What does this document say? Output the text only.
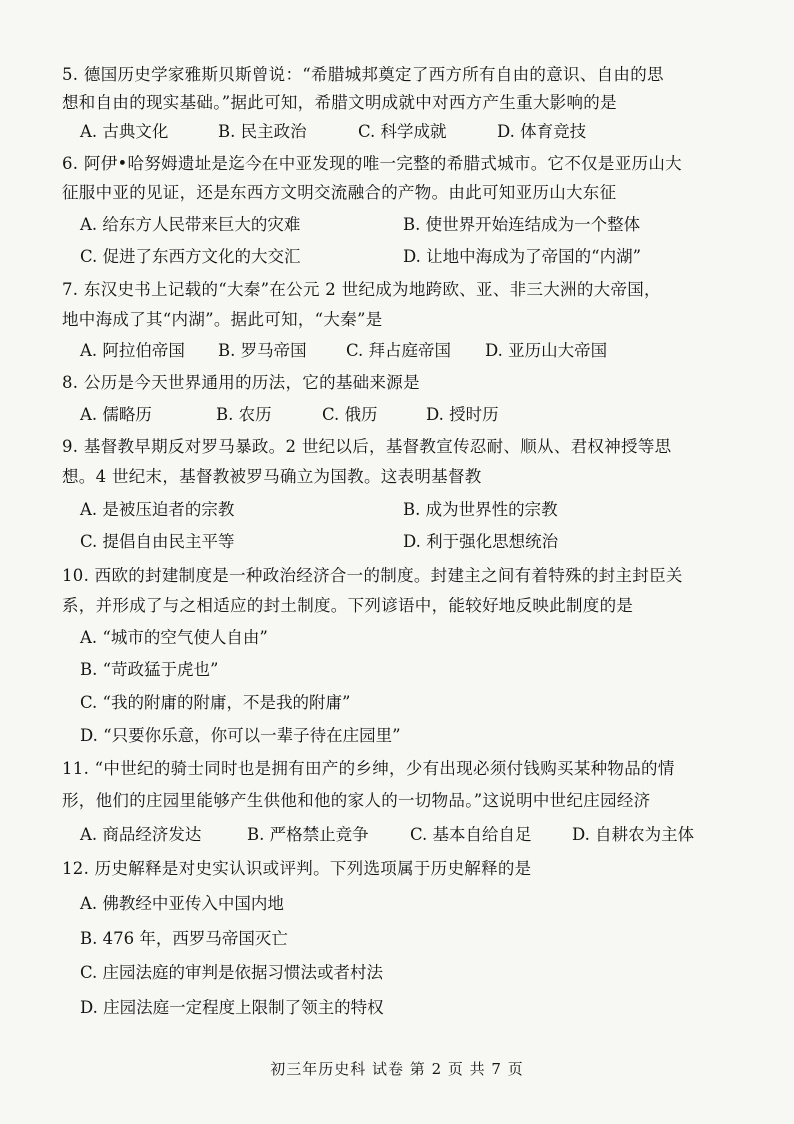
5. 德国历史学家雅斯贝斯曾说：“希腊城邦奠定了西方所有自由的意识、自由的思
想和自由的现实基础。”据此可知，希腊文明成就中对西方产生重大影响的是
A. 古典文化	B. 民主政治	C. 科学成就	D. 体育竞技
6. 阿伊•哈努姆遗址是迄今在中亚发现的唯一完整的希腊式城市。它不仅是亚历山大
征服中亚的见证，还是东西方文明交流融合的产物。由此可知亚历山大东征
A. 给东方人民带来巨大的灾难	B. 使世界开始连结成为一个整体
C. 促进了东西方文化的大交汇	D. 让地中海成为了帝国的“内湖”
7. 东汉史书上记载的“大秦”在公元 2 世纪成为地跨欧、亚、非三大洲的大帝国，
地中海成了其“内湖”。据此可知，“大秦”是
A. 阿拉伯帝国 B. 罗马帝国 C. 拜占庭帝国 D. 亚历山大帝国
8. 公历是今天世界通用的历法，它的基础来源是
A. 儒略历	B. 农历	C. 俄历	D. 授时历
9. 基督教早期反对罗马暴政。2 世纪以后，基督教宣传忍耐、顺从、君权神授等思
想。4 世纪末，基督教被罗马确立为国教。这表明基督教
A. 是被压迫者的宗教	B. 成为世界性的宗教
C. 提倡自由民主平等	D. 利于强化思想统治
10. 西欧的封建制度是一种政治经济合一的制度。封建主之间有着特殊的封主封臣关
系，并形成了与之相适应的封土制度。下列谚语中，能较好地反映此制度的是
A. “城市的空气使人自由”
B. “苛政猛于虎也”
C. “我的附庸的附庸，不是我的附庸”
D. “只要你乐意，你可以一辈子待在庄园里”
11. “中世纪的骑士同时也是拥有田产的乡绅，少有出现必须付钱购买某种物品的情
形，他们的庄园里能够产生供他和他的家人的一切物品。”这说明中世纪庄园经济
A. 商品经济发达	B. 严格禁止竞争	C. 基本自给自足 D. 自耕农为主体
12. 历史解释是对史实认识或评判。下列选项属于历史解释的是
A. 佛教经中亚传入中国内地
B. 476 年，西罗马帝国灭亡
C. 庄园法庭的审判是依据习惯法或者村法
D. 庄园法庭一定程度上限制了领主的特权
初三年历史科 试卷 第 2 页 共 7 页
